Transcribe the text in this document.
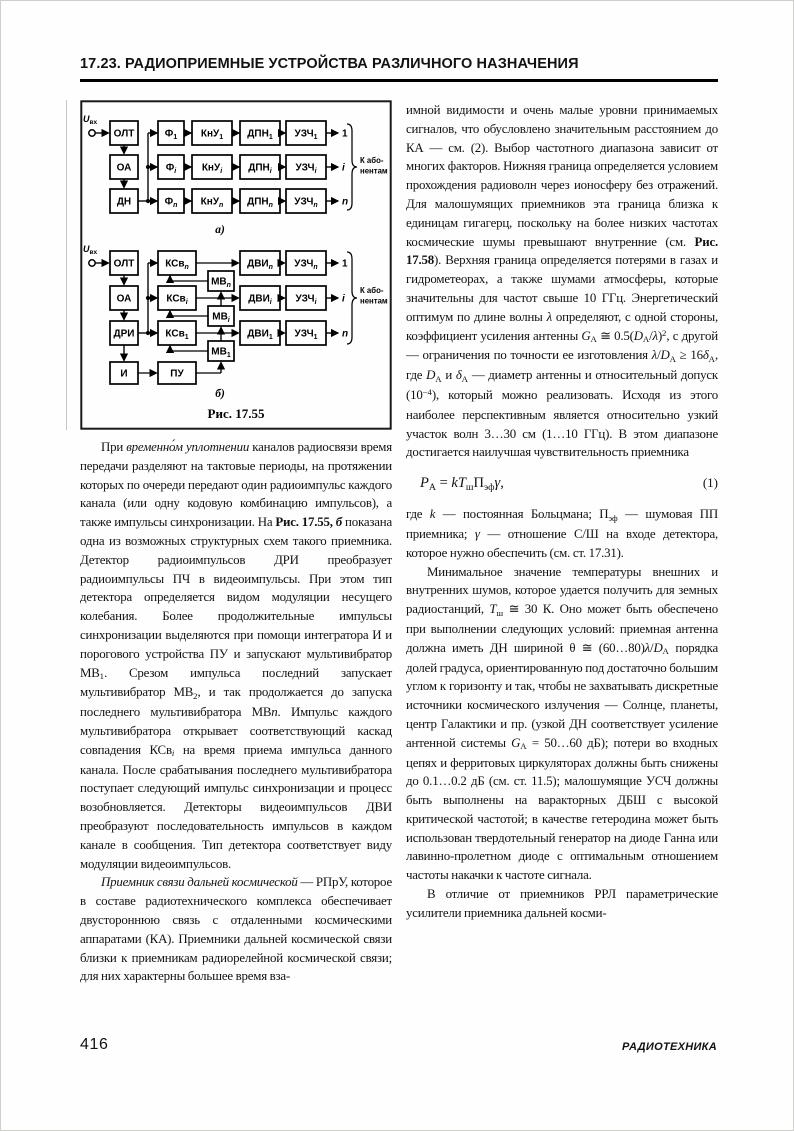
17.23. РАДИОПРИЕМНЫЕ УСТРОЙСТВА РАЗЛИЧНОГО НАЗНАЧЕНИЯ
ОЛТ
ОА
ДН
$U_{вх}$
$Ф_1$ КнУ$_1$ $ДПН_1$ $УЗЧ_1$ 1
$Ф_i$	КнУ$_i$	$ДПН_i$ $УЗЧ_i$	i
$Ф_n$ КнУ$_n$ $ДПН_n$ $УЗЧ_n$ n
К або-
нентам
а)
ОЛТ
ОА
ДРИ
$U_{вх}$
И	ПУ
КСв$_n$	$ДВИ_n$ $УЗЧ_n$ 1
КСв$_i$	$ДВИ_i$ $УЗЧ_i$	i
КСв$_1$	$ДВИ_1$ $УЗЧ_1$ n
$МВ_n$
$МВ_i$
$МВ_1$
К або-
нентам
б)
Рис. 17.55

При временно́м уплотнении каналов радиосвязи время передачи разделяют на тактовые периоды, на протяжении которых по очереди передают один радиоимпульс каждого канала (или одну кодовую комбинацию импульсов), а также импульсы синхронизации. На Рис. 17.55, б показана одна из возможных структурных схем такого приемника. Детектор радиоимпульсов ДРИ преобразует радиоимпульсы ПЧ в видеоимпульсы. При этом тип детектора определяется видом модуляции несущего колебания. Более продолжительные импульсы синхронизации выделяются при помощи интегратора И и порогового устройства ПУ и запускают мультивибратор МВ1. Срезом импульса последний запускает мультивибратор МВ2, и так продолжается до запуска последнего мультивибратора МВn. Импульс каждого мультивибратора открывает соответствующий каскад совпадения КСвi на время приема импульса данного канала. После срабатывания последнего мультивибратора поступает следующий импульс синхронизации и процесс возобновляется. Детекторы видеоимпульсов ДВИ преобразуют последовательность импульсов в каждом канале в сообщения. Тип детектора соответствует виду модуляции видеоимпульсов.

Приемник связи дальней космической — РПрУ, которое в составе радиотехнического комплекса обеспечивает двустороннюю связь с отдаленными космическими аппаратами (КА). Приемники дальней космической связи близки к приемникам радиорелейной космической связи; для них характерны большее время вза-

имной видимости и очень малые уровни принимаемых сигналов, что обусловлено значительным расстоянием до КА — см. (2). Выбор частотного диапазона зависит от многих факторов. Нижняя граница определяется условием прохождения радиоволн через ионосферу без отражений. Для малошумящих приемников эта граница близка к единицам гигагерц, поскольку на более низких частотах космические шумы превышают внутренние (см. Рис. 17.58). Верхняя граница определяется потерями в газах и гидрометеорах, а также шумами атмосферы, которые значительны для частот свыше 10 ГГц. Энергетический оптимум по длине волны λ определяют, с одной стороны, коэффициент усиления антенны GА ≅ $0.5(DА/\lambda)^2$, с другой — ограничения по точности ее изготовления λ/DА ≥ 16δА, где DА и δА — диаметр антенны и относительный допуск $(10^{-4})$, который можно реализовать. Исходя из этого наиболее перспективным является относительно узкий участок волн 3…30 см (1…10 ГГц). В этом диапазоне достигается наилучшая чувствительность приемника

PА = kTшПэфγ,	(1)

где k — постоянная Больцмана; Пэф — шумовая ПП приемника; γ — отношение С/Ш на входе детектора, которое нужно обеспечить (см. ст. 17.31).

Минимальное значение температуры внешних и внутренних шумов, которое удается получить для земных радиостанций, Tш ≅ 30 К. Оно может быть обеспечено при выполнении следующих условий: приемная антенна должна иметь ДН шириной θ ≅ (60…80)λ/DА порядка долей градуса, ориентированную под достаточно большим углом к горизонту и так, чтобы не захватывать дискретные источники космического излучения — Солнце, планеты, центр Галактики и пр. (узкой ДН соответствует усиление антенной системы GА = 50…60 дБ); потери во входных цепях и ферритовых циркуляторах должны быть снижены до 0.1…0.2 дБ (см. ст. 11.5); малошумящие УСЧ должны быть выполнены на варакторных ДБШ с высокой критической частотой; в качестве гетеродина может быть использован твердотельный генератор на диоде Ганна или лавинно-пролетном диоде с оптимальным отношением частоты накачки к частоте сигнала.

В отличие от приемников РРЛ параметрические усилители приемника дальней косми-

416	РАДИОТЕХНИКА
